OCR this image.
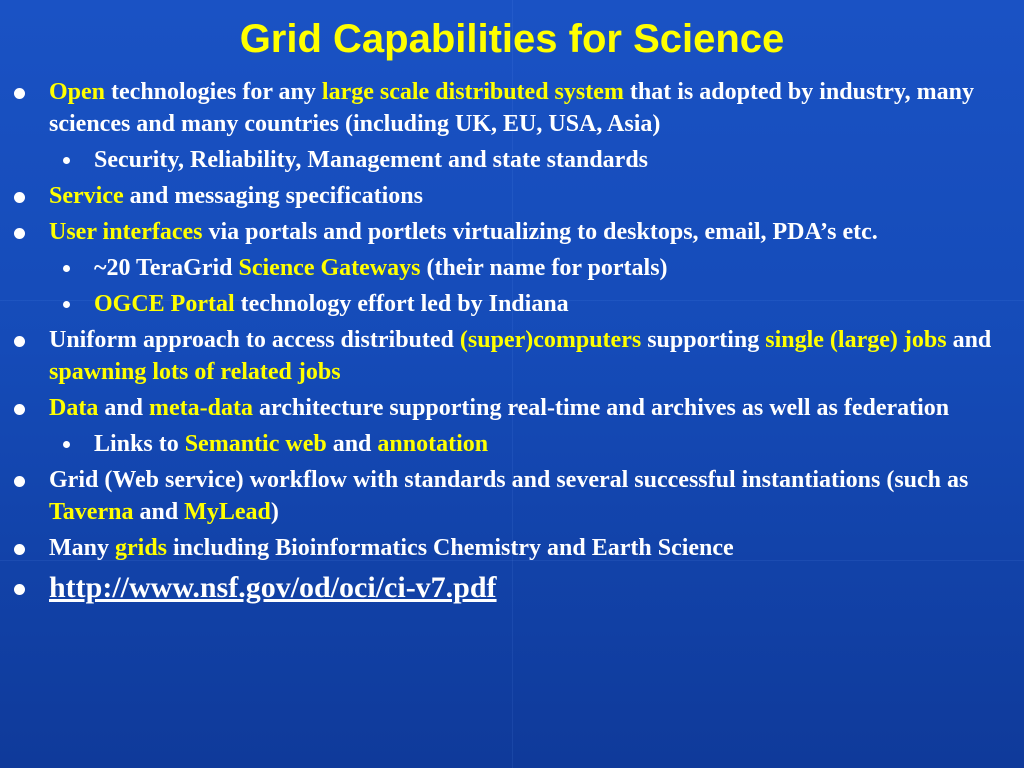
Grid Capabilities for Science
Open technologies for any large scale distributed system that is adopted by industry, many sciences and many countries (including UK, EU, USA, Asia)
Security, Reliability, Management and state standards
Service and messaging specifications
User interfaces via portals and portlets virtualizing to desktops, email, PDA’s etc.
~20 TeraGrid Science Gateways (their name for portals)
OGCE Portal technology effort led by Indiana
Uniform approach to access distributed (super)computers supporting single (large) jobs and spawning lots of related jobs
Data and meta-data architecture supporting real-time and archives as well as federation
Links to Semantic web and annotation
Grid (Web service) workflow with standards and several successful instantiations (such as Taverna and MyLead)
Many grids including Bioinformatics Chemistry and Earth Science
http://www.nsf.gov/od/oci/ci-v7.pdf
